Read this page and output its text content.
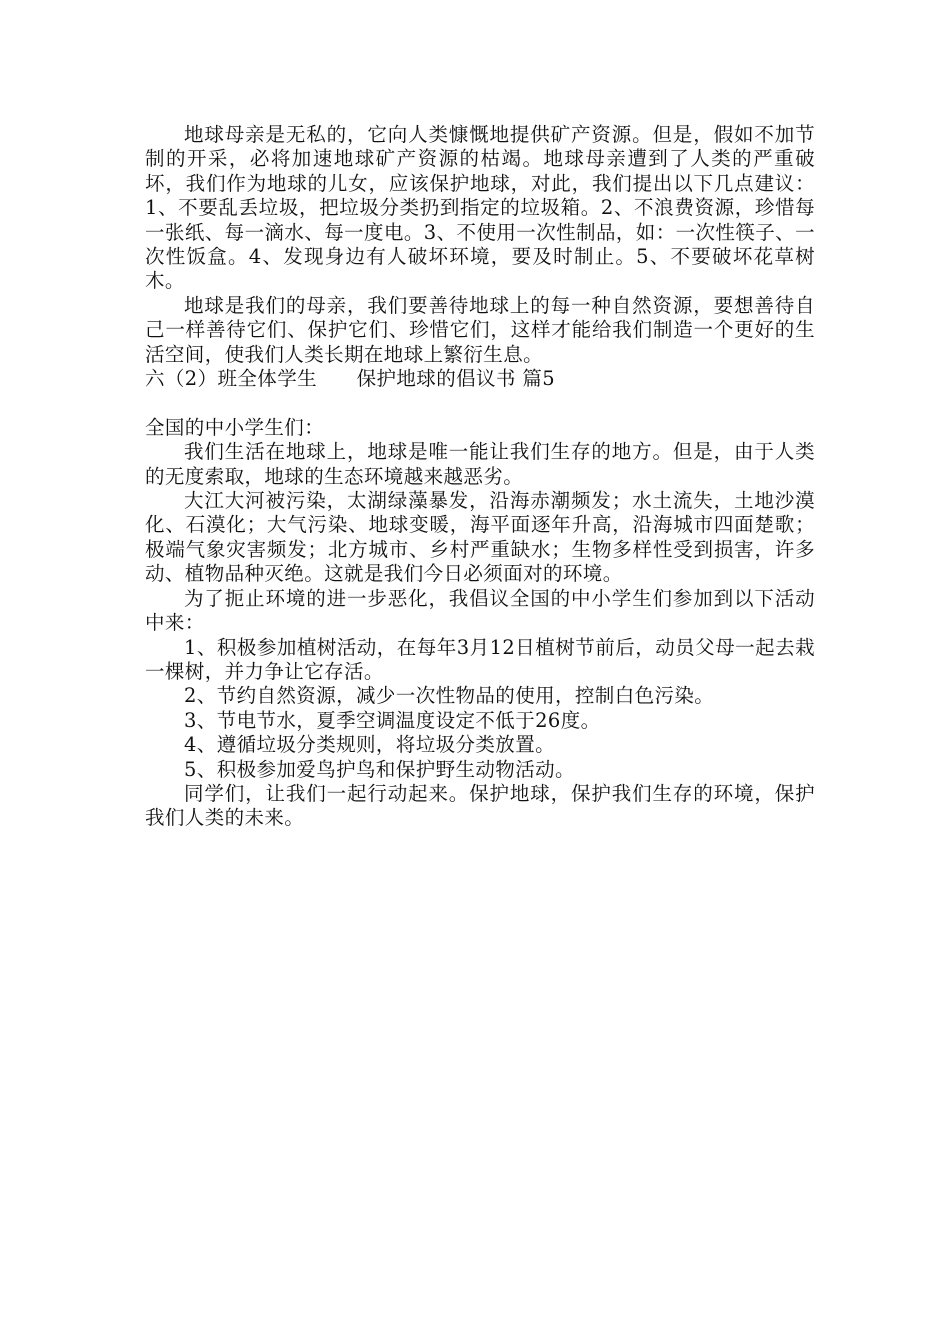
地球母亲是无私的，它向人类慷慨地提供矿产资源。但是，假如不加节制的开采，必将加速地球矿产资源的枯竭。地球母亲遭到了人类的严重破坏，我们作为地球的儿女，应该保护地球，对此，我们提出以下几点建议：1、不要乱丢垃圾，把垃圾分类扔到指定的垃圾箱。2、不浪费资源，珍惜每一张纸、每一滴水、每一度电。3、不使用一次性制品，如：一次性筷子、一次性饭盒。4、发现身边有人破坏环境，要及时制止。5、不要破坏花草树木。

地球是我们的母亲，我们要善待地球上的每一种自然资源，要想善待自己一样善待它们、保护它们、珍惜它们，这样才能给我们制造一个更好的生活空间，使我们人类长期在地球上繁衍生息。

六（2）班全体学生      保护地球的倡议书 篇5

全国的中小学生们：

我们生活在地球上，地球是唯一能让我们生存的地方。但是，由于人类的无度索取，地球的生态环境越来越恶劣。

大江大河被污染，太湖绿藻暴发，沿海赤潮频发；水土流失，土地沙漠化、石漠化；大气污染、地球变暖，海平面逐年升高，沿海城市四面楚歌；极端气象灾害频发；北方城市、乡村严重缺水；生物多样性受到损害，许多动、植物品种灭绝。这就是我们今日必须面对的环境。

为了扼止环境的进一步恶化，我倡议全国的中小学生们参加到以下活动中来：

1、积极参加植树活动，在每年3月12日植树节前后，动员父母一起去栽一棵树，并力争让它存活。

2、节约自然资源，减少一次性物品的使用，控制白色污染。

3、节电节水，夏季空调温度设定不低于26度。

4、遵循垃圾分类规则，将垃圾分类放置。

5、积极参加爱鸟护鸟和保护野生动物活动。

同学们，让我们一起行动起来。保护地球，保护我们生存的环境，保护我们人类的未来。
